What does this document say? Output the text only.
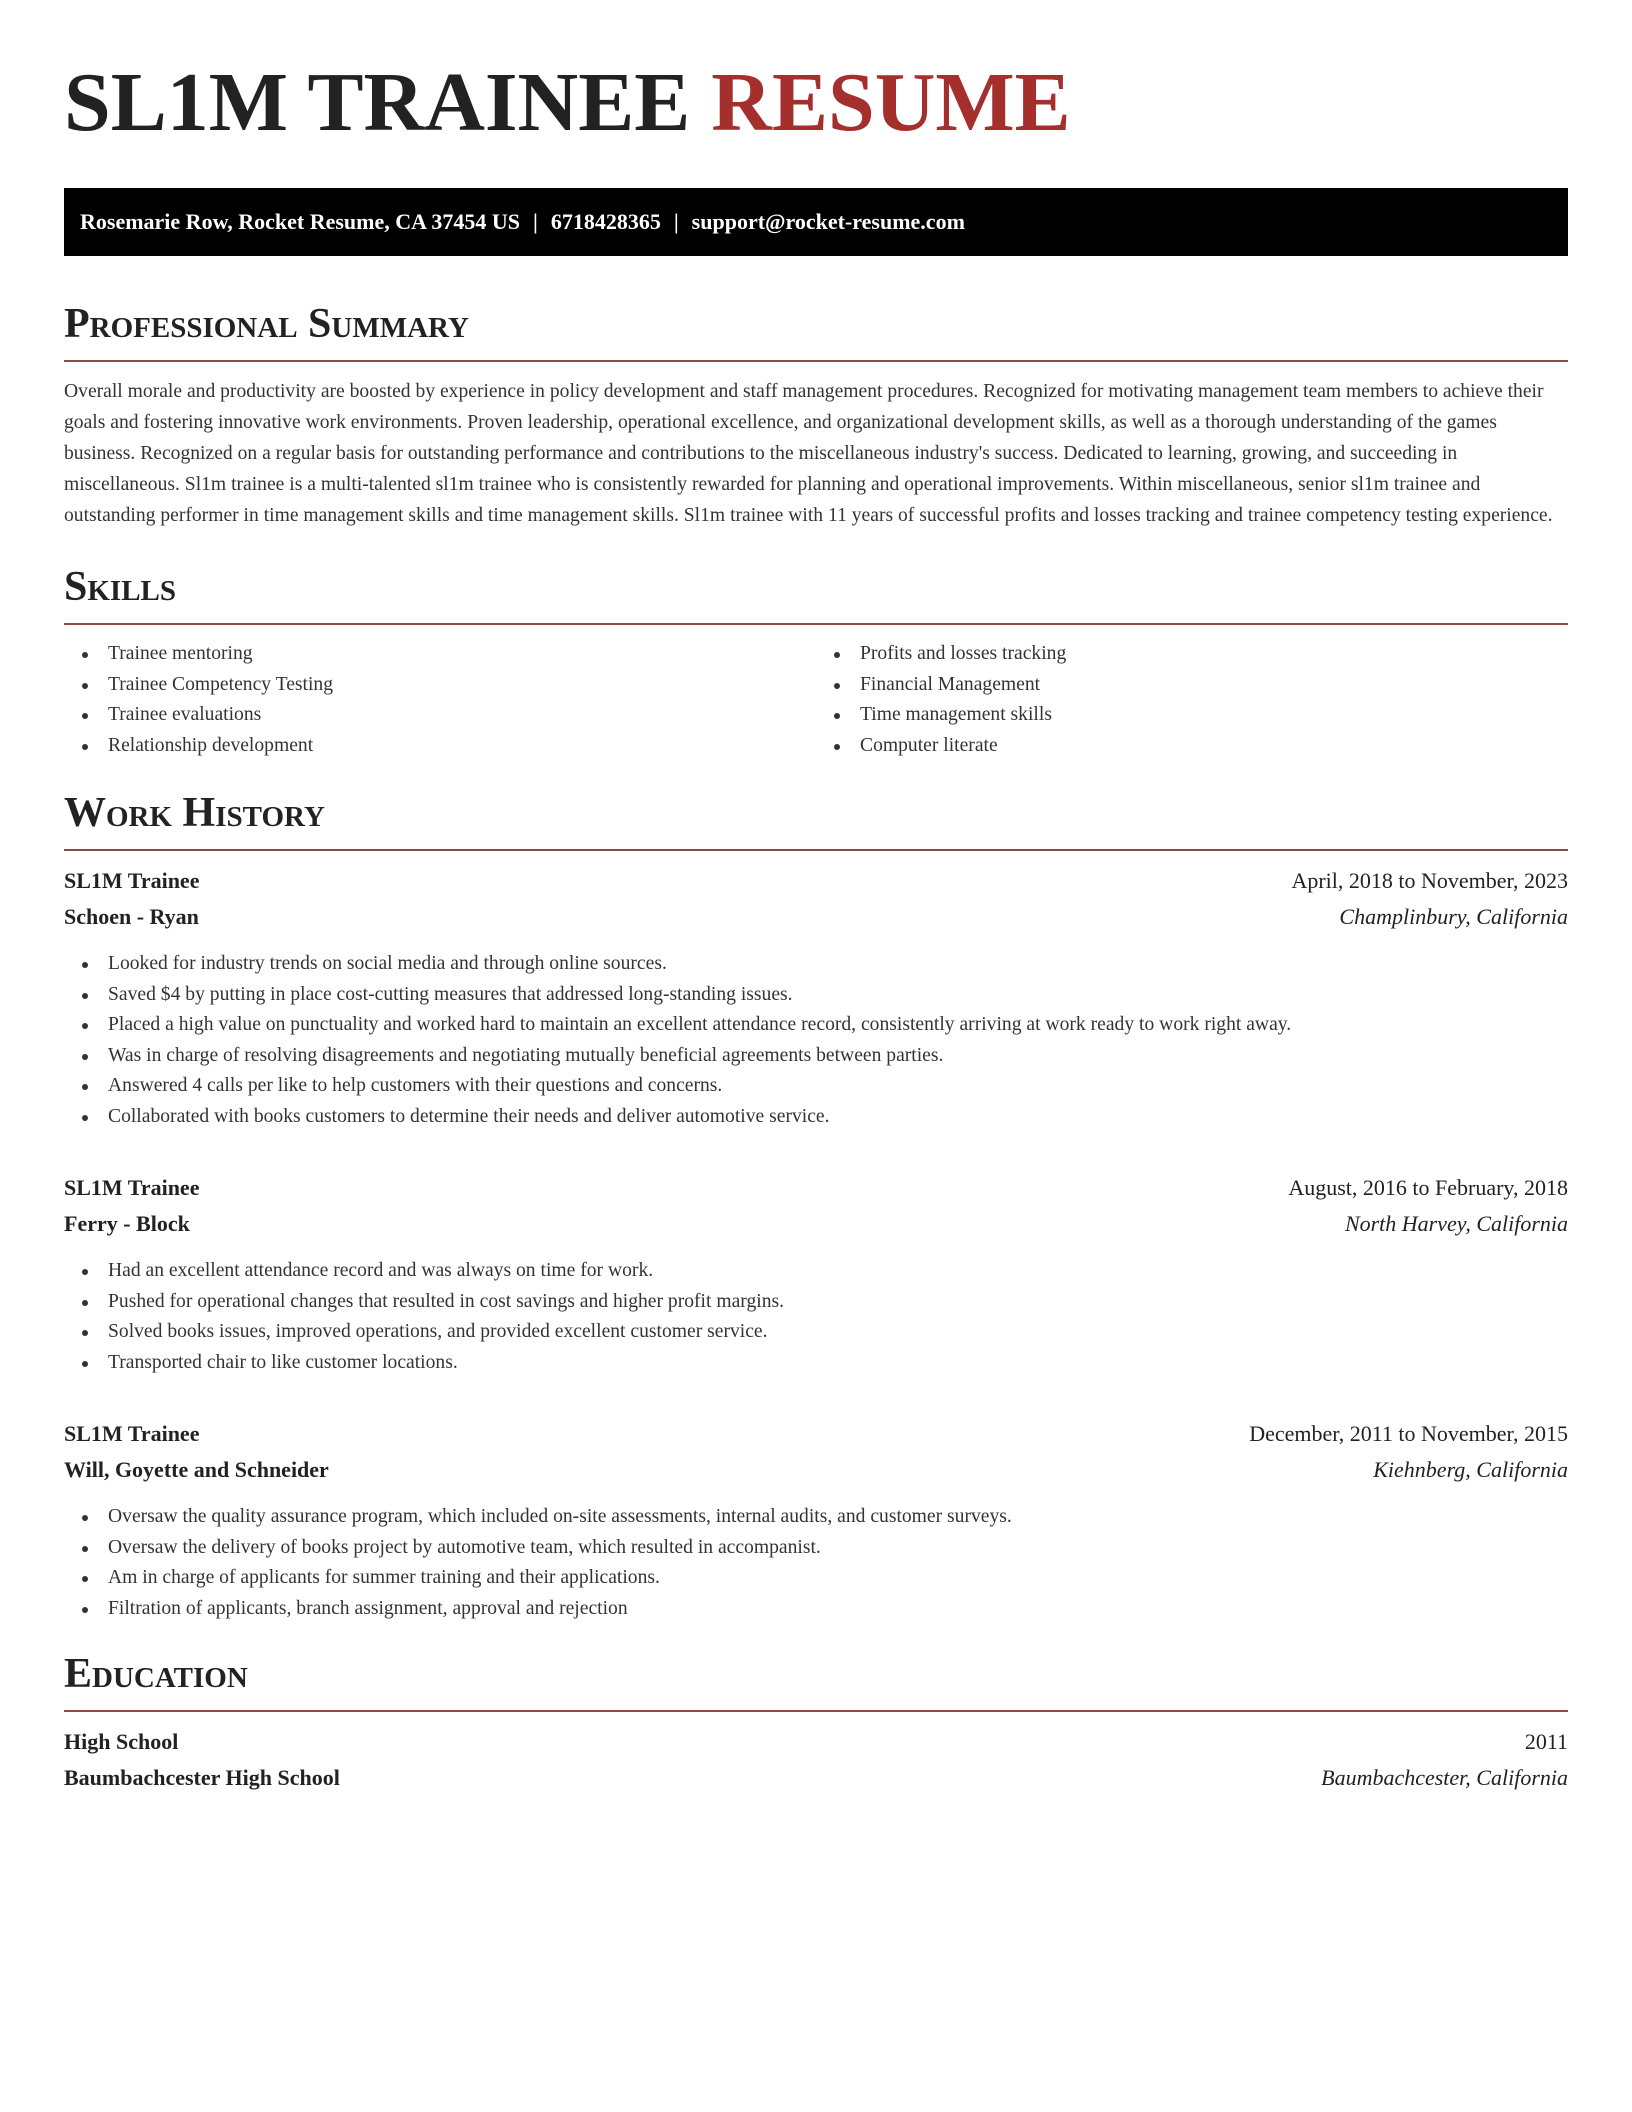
SL1M TRAINEE RESUME
Rosemarie Row, Rocket Resume, CA 37454 US | 6718428365 | support@rocket-resume.com
Professional Summary

Overall morale and productivity are boosted by experience in policy development and staff management procedures. Recognized for motivating management team members to achieve their goals and fostering innovative work environments. Proven leadership, operational excellence, and organizational development skills, as well as a thorough understanding of the games business. Recognized on a regular basis for outstanding performance and contributions to the miscellaneous industry's success. Dedicated to learning, growing, and succeeding in miscellaneous. Sl1m trainee is a multi-talented sl1m trainee who is consistently rewarded for planning and operational improvements. Within miscellaneous, senior sl1m trainee and outstanding performer in time management skills and time management skills. Sl1m trainee with 11 years of successful profits and losses tracking and trainee competency testing experience.

Skills
Trainee mentoring
Trainee Competency Testing
Trainee evaluations
Relationship development
Profits and losses tracking
Financial Management
Time management skills
Computer literate
Work History
SL1M Trainee	April, 2018 to November, 2023
Schoen - Ryan	Champlinbury, California
Looked for industry trends on social media and through online sources.
Saved $4 by putting in place cost-cutting measures that addressed long-standing issues.
Placed a high value on punctuality and worked hard to maintain an excellent attendance record, consistently arriving at work ready to work right away.
Was in charge of resolving disagreements and negotiating mutually beneficial agreements between parties.
Answered 4 calls per like to help customers with their questions and concerns.
Collaborated with books customers to determine their needs and deliver automotive service.
SL1M Trainee	August, 2016 to February, 2018
Ferry - Block	North Harvey, California
Had an excellent attendance record and was always on time for work.
Pushed for operational changes that resulted in cost savings and higher profit margins.
Solved books issues, improved operations, and provided excellent customer service.
Transported chair to like customer locations.
SL1M Trainee	December, 2011 to November, 2015
Will, Goyette and Schneider	Kiehnberg, California
Oversaw the quality assurance program, which included on-site assessments, internal audits, and customer surveys.
Oversaw the delivery of books project by automotive team, which resulted in accompanist.
Am in charge of applicants for summer training and their applications.
Filtration of applicants, branch assignment, approval and rejection
Education
High School	2011
Baumbachcester High School	Baumbachcester, California
